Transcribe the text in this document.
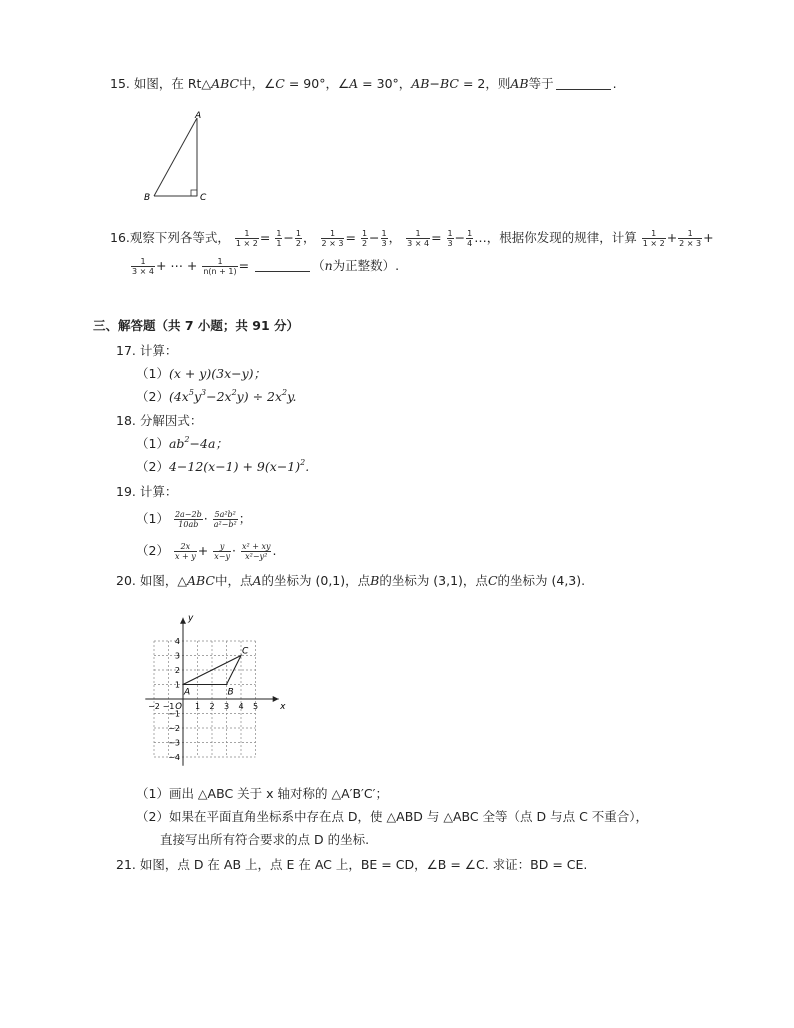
15. 如图，在 Rt△ABC中，∠C = 90°，∠A = 30°，AB−BC = 2，则AB等于	.
A
B	C
16.观察下列各等式， $\frac{1}{1 \times 2} = \frac{1}{1} - \frac{1}{2}$ ， $\frac{1}{2 \times 3} = \frac{1}{2} - \frac{1}{3}$ ， $\frac{1}{3 \times 4} = \frac{1}{3} - \frac{1}{4}$ …，根据你发现的规律，计算 $\frac{1}{1 \times 2} + \frac{1}{2 \times 3}$ +
$\frac{1}{3 \times 4}$ + ⋯ + $\frac{1}{n(n + 1)}$ =	（n为正整数）.
三、解答题（共 7 小题；共 91 分）
17. 计算：
（1）(x + y)(3x−y)；
$(2)(4x^5y^3-2x^2y) \div 2x^2y$.
18. 分解因式：
$(1)ab^2-4a$；
$(2)4-12(x-1) + 9(x-1)^2$.
19. 计算：
$(1) \frac{2a-2b}{10ab} \cdot \frac{\text{5a²b²}}{\text{a²−b²}}$ ；
$(2) \frac{2x}{x + y} + \frac{y}{x-y} \cdot \frac{\text{x² + xy}}{\text{x²−y²}}$ .
20. 如图，△ABC中，点A的坐标为 (0,1)，点B的坐标为 (3,1)，点C的坐标为 (4,3).
x
y
O
−2 −1	1 2 3 4 5
4
3
2
1
−1
−2
−3
−4
A	B
C
（1）画出 △ABC 关于 x 轴对称的 △A′B′C′；
（2）如果在平面直角坐标系中存在点 D，使 △ABD 与 △ABC 全等（点 D 与点 C 不重合），
直接写出所有符合要求的点 D 的坐标.
21. 如图，点 D 在 AB 上，点 E 在 AC 上，BE = CD，∠B = ∠C. 求证：BD = CE.
